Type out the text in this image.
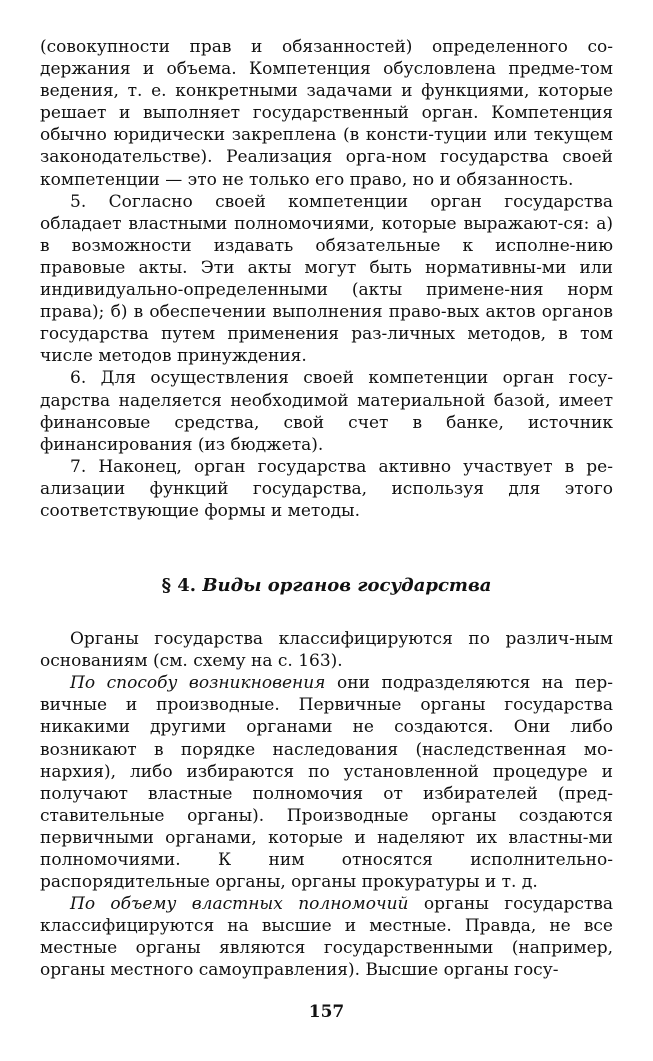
(совокупности прав и обязанностей) определенного со-держания и объема. Компетенция обусловлена предме-том ведения, т. е. конкретными задачами и функциями, которые решает и выполняет государственный орган. Компетенция обычно юридически закреплена (в консти-туции или текущем законодательстве). Реализация орга-ном государства своей компетенции — это не только его право, но и обязанность.

5. Согласно своей компетенции орган государства обладает властными полномочиями, которые выражают-ся: а) в возможности издавать обязательные к исполне-нию правовые акты. Эти акты могут быть нормативны-ми или индивидуально-определенными (акты примене-ния норм права); б) в обеспечении выполнения право-вых актов органов государства путем применения раз-личных методов, в том числе методов принуждения.

6. Для осуществления своей компетенции орган госу-дарства наделяется необходимой материальной базой, имеет финансовые средства, свой счет в банке, источник финансирования (из бюджета).

7. Наконец, орган государства активно участвует в ре-ализации функций государства, используя для этого соответствующие формы и методы.

§ 4. Виды органов государства

Органы государства классифицируются по различ-ным основаниям (см. схему на с. 163).

По способу возникновения они подразделяются на пер-вичные и производные. Первичные органы государства никакими другими органами не создаются. Они либо возникают в порядке наследования (наследственная мо-нархия), либо избираются по установленной процедуре и получают властные полномочия от избирателей (пред-ставительные органы). Производные органы создаются первичными органами, которые и наделяют их властны-ми полномочиями. К ним относятся исполнительно-распорядительные органы, органы прокуратуры и т. д.

По объему властных полномочий органы государства классифицируются на высшие и местные. Правда, не все местные органы являются государственными (например, органы местного самоуправления). Высшие органы госу-

157
